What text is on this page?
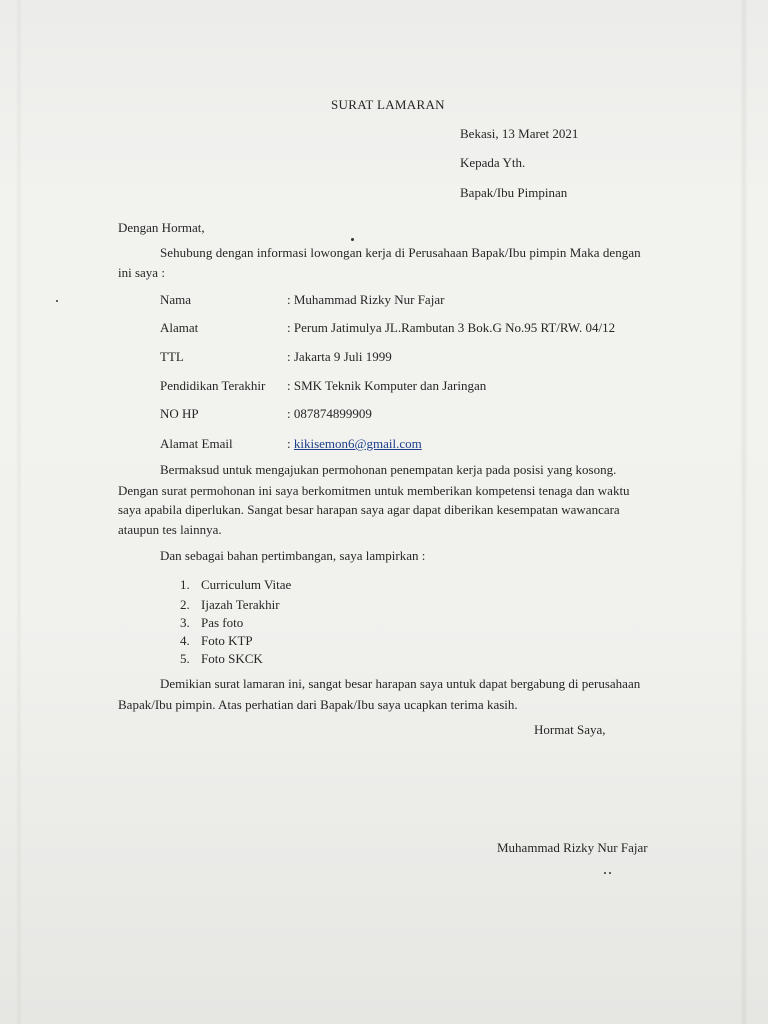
SURAT LAMARAN
Bekasi, 13 Maret 2021
Kepada Yth.
Bapak/Ibu Pimpinan
Dengan Hormat,
Sehubung dengan informasi lowongan kerja di Perusahaan Bapak/Ibu pimpin Maka dengan
ini saya :
Nama	: Muhammad Rizky Nur Fajar
Alamat	: Perum Jatimulya JL.Rambutan 3 Bok.G No.95 RT/RW. 04/12
TTL	: Jakarta 9 Juli 1999
Pendidikan Terakhir : SMK Teknik Komputer dan Jaringan
NO HP	: 087874899909
Alamat Email	: kikisemon6@gmail.com
Bermaksud untuk mengajukan permohonan penempatan kerja pada posisi yang kosong.
Dengan surat permohonan ini saya berkomitmen untuk memberikan kompetensi tenaga dan waktu
saya apabila diperlukan. Sangat besar harapan saya agar dapat diberikan kesempatan wawancara
ataupun tes lainnya.
Dan sebagai bahan pertimbangan, saya lampirkan :
1. Curriculum Vitae
2. Ijazah Terakhir
3. Pas foto
4. Foto KTP
5. Foto SKCK
Demikian surat lamaran ini, sangat besar harapan saya untuk dapat bergabung di perusahaan
Bapak/Ibu pimpin. Atas perhatian dari Bapak/Ibu saya ucapkan terima kasih.
Hormat Saya,
Muhammad Rizky Nur Fajar
